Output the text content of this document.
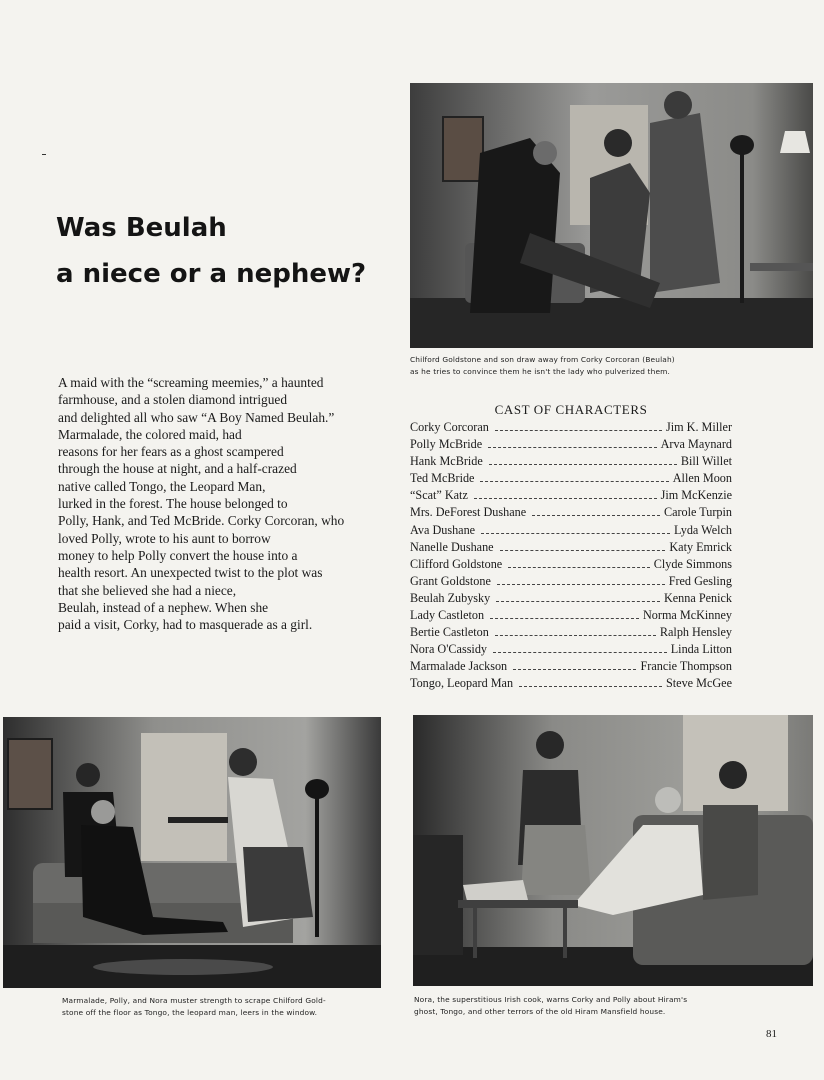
Was Beulah
a niece or a nephew?
A maid with the “screaming meemies,” a haunted
farmhouse, and a stolen diamond intrigued
and delighted all who saw “A Boy Named Beulah.”
Marmalade, the colored maid, had
reasons for her fears as a ghost scampered
through the house at night, and a half-crazed
native called Tongo, the Leopard Man,
lurked in the forest. The house belonged to
Polly, Hank, and Ted McBride. Corky Corcoran, who
loved Polly, wrote to his aunt to borrow
money to help Polly convert the house into a
health resort. An unexpected twist to the plot was
that she believed she had a niece,
Beulah, instead of a nephew. When she
paid a visit, Corky, had to masquerade as a girl.
Chilford Goldstone and son draw away from Corky Corcoran (Beulah)
as he tries to convince them he isn't the lady who pulverized them.
CAST OF CHARACTERS
Corky Corcoran	Jim K. Miller
Polly McBride	Arva Maynard
Hank McBride	Bill Willet
Ted McBride	Allen Moon
“Scat” Katz	Jim McKenzie
Mrs. DeForest Dushane	Carole Turpin
Ava Dushane	Lyda Welch
Nanelle Dushane	Katy Emrick
Clifford Goldstone	Clyde Simmons
Grant Goldstone	Fred Gesling
Beulah Zubysky	Kenna Penick
Lady Castleton	Norma McKinney
Bertie Castleton	Ralph Hensley
Nora O'Cassidy	Linda Litton
Marmalade Jackson	Francie Thompson
Tongo, Leopard Man	Steve McGee
Marmalade, Polly, and Nora muster strength to scrape Chilford Gold-
stone off the floor as Tongo, the leopard man, leers in the window.
Nora, the superstitious Irish cook, warns Corky and Polly about Hiram's
ghost, Tongo, and other terrors of the old Hiram Mansfield house.
81
